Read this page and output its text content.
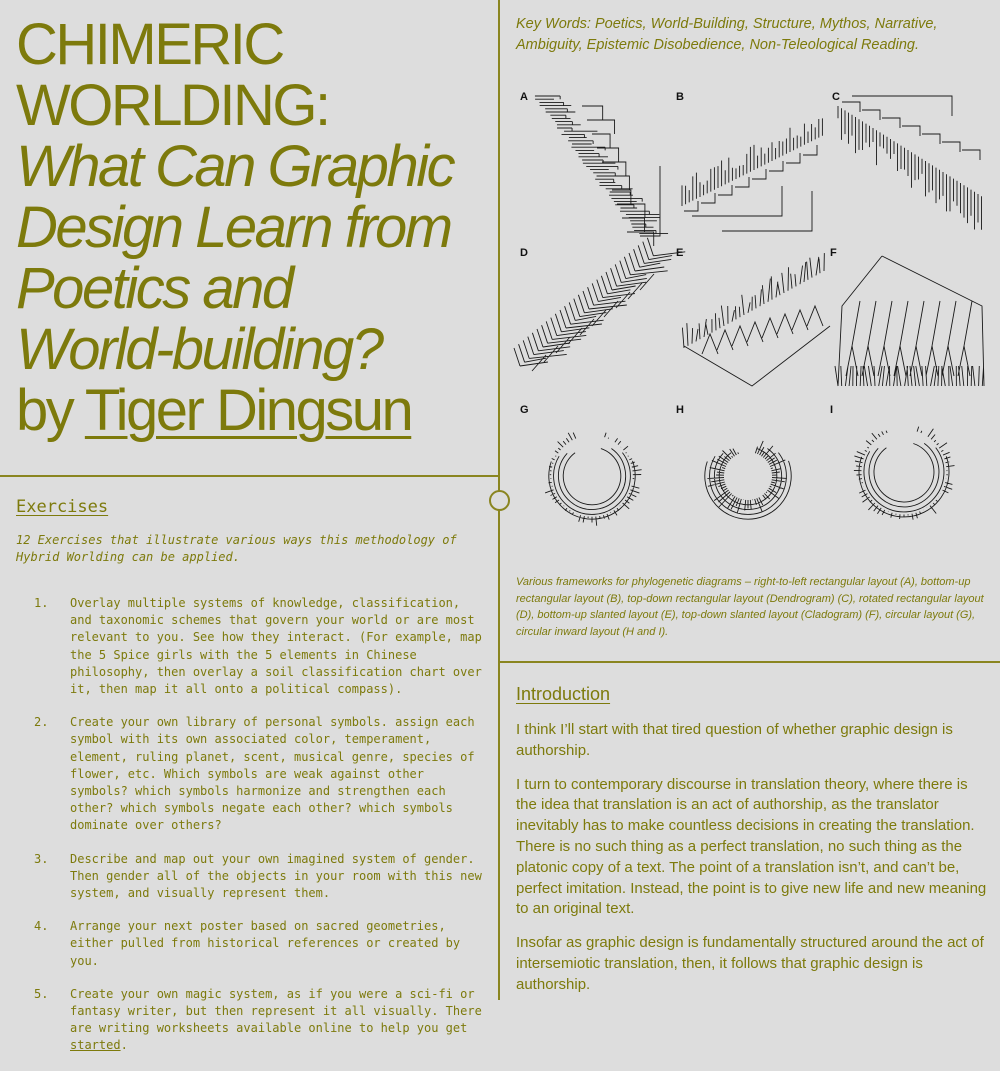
CHIMERIC
WORLDING:
What Can Graphic
Design Learn from
Poetics and
World-building?
by Tiger Dingsun
Key Words: Poetics, World-Building, Structure, Mythos, Narrative, Ambiguity, Epistemic Disobedience, Non-Teleological Reading.
A	B	C
D	E	F
G	H	I
Various frameworks for phylogenetic diagrams – right-to-left rectangular layout (A), bottom-up rectangular layout (B), top-down rectangular layout (Dendrogram) (C), rotated rectangular layout (D), bottom-up slanted layout (E), top-down slanted layout (Cladogram) (F), circular layout (G), circular inward layout (H and I).
Exercises
12 Exercises that illustrate various ways this methodology of Hybrid Worlding can be applied.
1. Overlay multiple systems of knowledge, classification, and taxonomic schemes that govern your world or are most relevant to you. See how they interact. (For example, map the 5 Spice girls with the 5 elements in Chinese philosophy, then overlay a soil classification chart over it, then map it all onto a political compass).
2. Create your own library of personal symbols. assign each symbol with its own associated color, temperament, element, ruling planet, scent, musical genre, species of flower, etc. Which symbols are weak against other symbols? which symbols harmonize and strengthen each other? which symbols negate each other? which symbols dominate over others?
3. Describe and map out your own imagined system of gender. Then gender all of the objects in your room with this new system, and visually represent them.
4. Arrange your next poster based on sacred geometries, either pulled from historical references or created by you.
5. Create your own magic system, as if you were a sci-fi or fantasy writer, but then represent it all visually. There are writing worksheets available online to help you get started.
Introduction

I think I’ll start with that tired question of whether graphic design is authorship.

I turn to contemporary discourse in translation theory, where there is the idea that translation is an act of authorship, as the translator inevitably has to make countless decisions in creating the translation. There is no such thing as a perfect translation, no such thing as the platonic copy of a text. The point of a translation isn’t, and can’t be, perfect imitation. Instead, the point is to give new life and new meaning to an original text.

Insofar as graphic design is fundamentally structured around the act of intersemiotic translation, then, it follows that graphic design is authorship.
